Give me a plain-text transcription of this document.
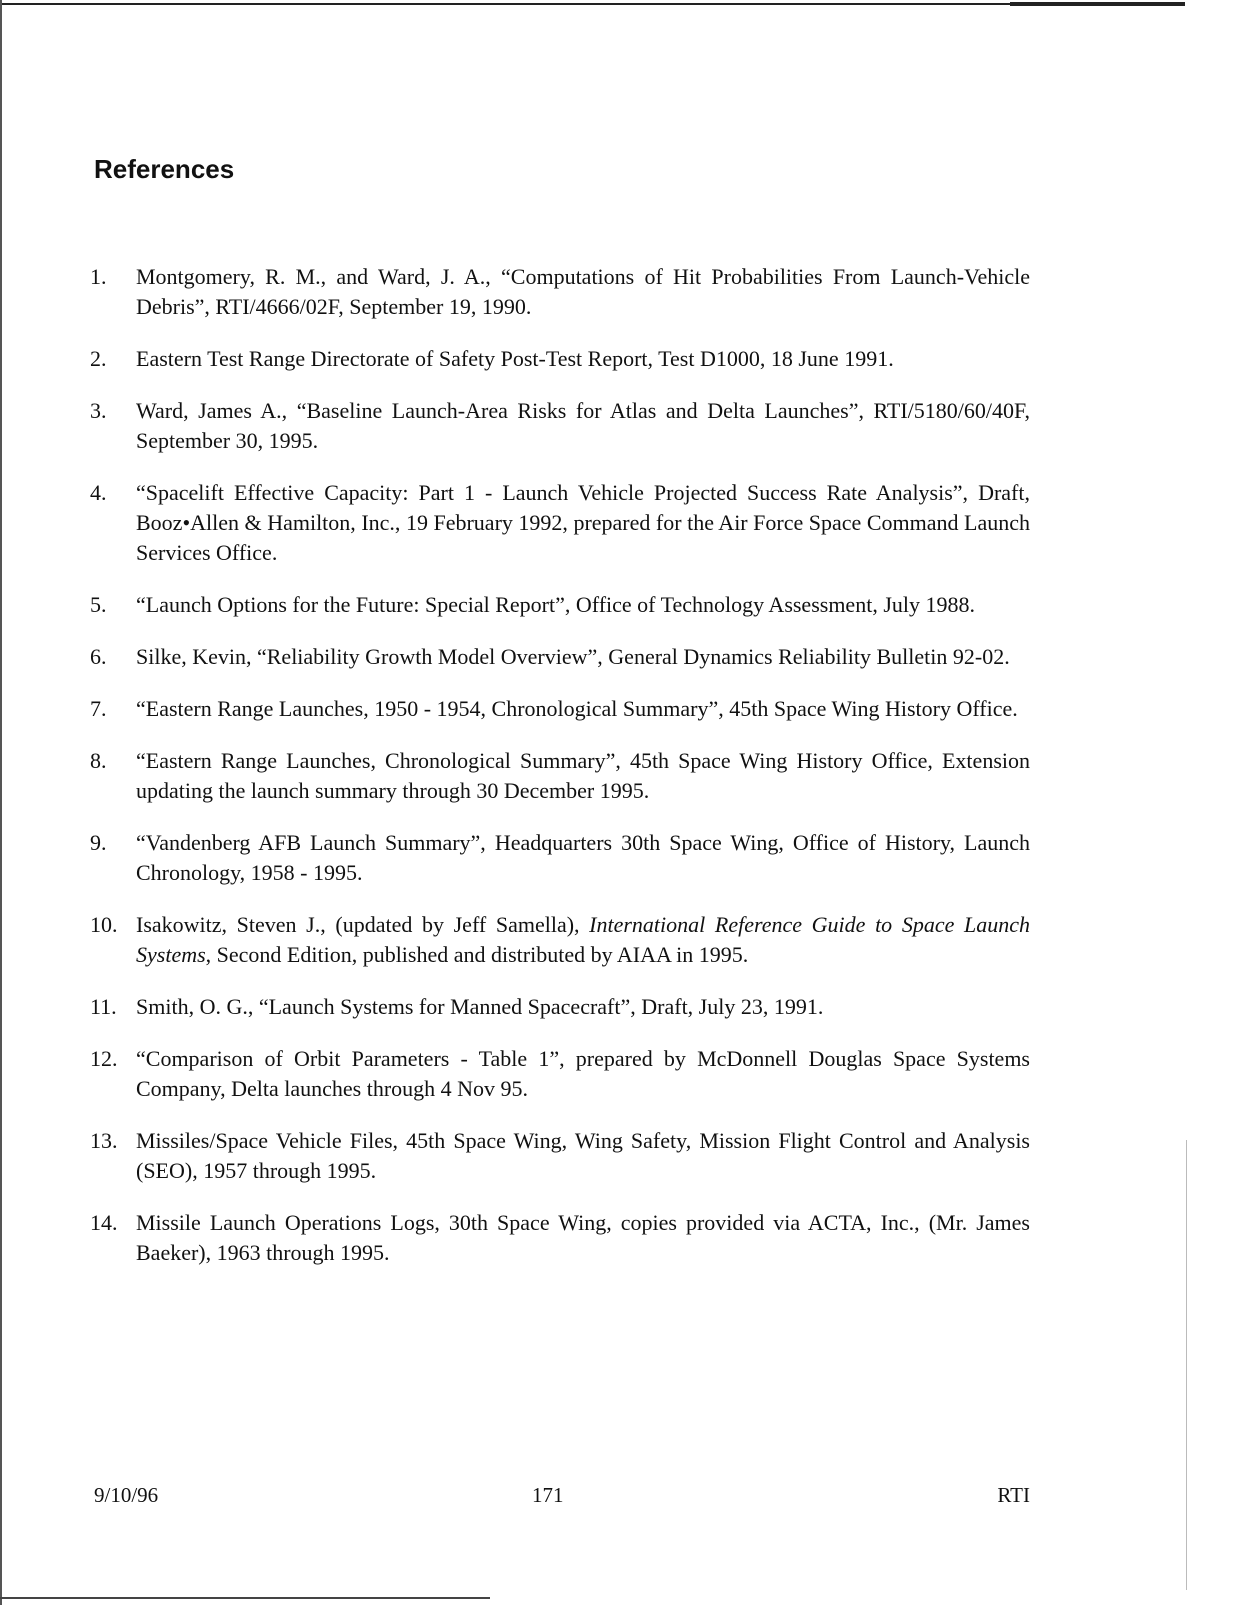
References
1. Montgomery, R. M., and Ward, J. A., “Computations of Hit Probabilities From Launch-Vehicle Debris”, RTI/4666/02F, September 19, 1990.
2. Eastern Test Range Directorate of Safety Post-Test Report, Test D1000, 18 June 1991.
3. Ward, James A., “Baseline Launch-Area Risks for Atlas and Delta Launches”, RTI/5180/60/40F, September 30, 1995.
4. “Spacelift Effective Capacity: Part 1 - Launch Vehicle Projected Success Rate Analysis”, Draft, Booz•Allen & Hamilton, Inc., 19 February 1992, prepared for the Air Force Space Command Launch Services Office.
5. “Launch Options for the Future: Special Report”, Office of Technology Assessment, July 1988.
6. Silke, Kevin, “Reliability Growth Model Overview”, General Dynamics Reliability Bulletin 92-02.
7. “Eastern Range Launches, 1950 - 1954, Chronological Summary”, 45th Space Wing History Office.
8. “Eastern Range Launches, Chronological Summary”, 45th Space Wing History Office, Extension updating the launch summary through 30 December 1995.
9. “Vandenberg AFB Launch Summary”, Headquarters 30th Space Wing, Office of History, Launch Chronology, 1958 - 1995.
10. Isakowitz, Steven J., (updated by Jeff Samella), International Reference Guide to Space Launch Systems, Second Edition, published and distributed by AIAA in 1995.
11. Smith, O. G., “Launch Systems for Manned Spacecraft”, Draft, July 23, 1991.
12. “Comparison of Orbit Parameters - Table 1”, prepared by McDonnell Douglas Space Systems Company, Delta launches through 4 Nov 95.
13. Missiles/Space Vehicle Files, 45th Space Wing, Wing Safety, Mission Flight Control and Analysis (SEO), 1957 through 1995.
14. Missile Launch Operations Logs, 30th Space Wing, copies provided via ACTA, Inc., (Mr. James Baeker), 1963 through 1995.
9/10/96	171	RTI
